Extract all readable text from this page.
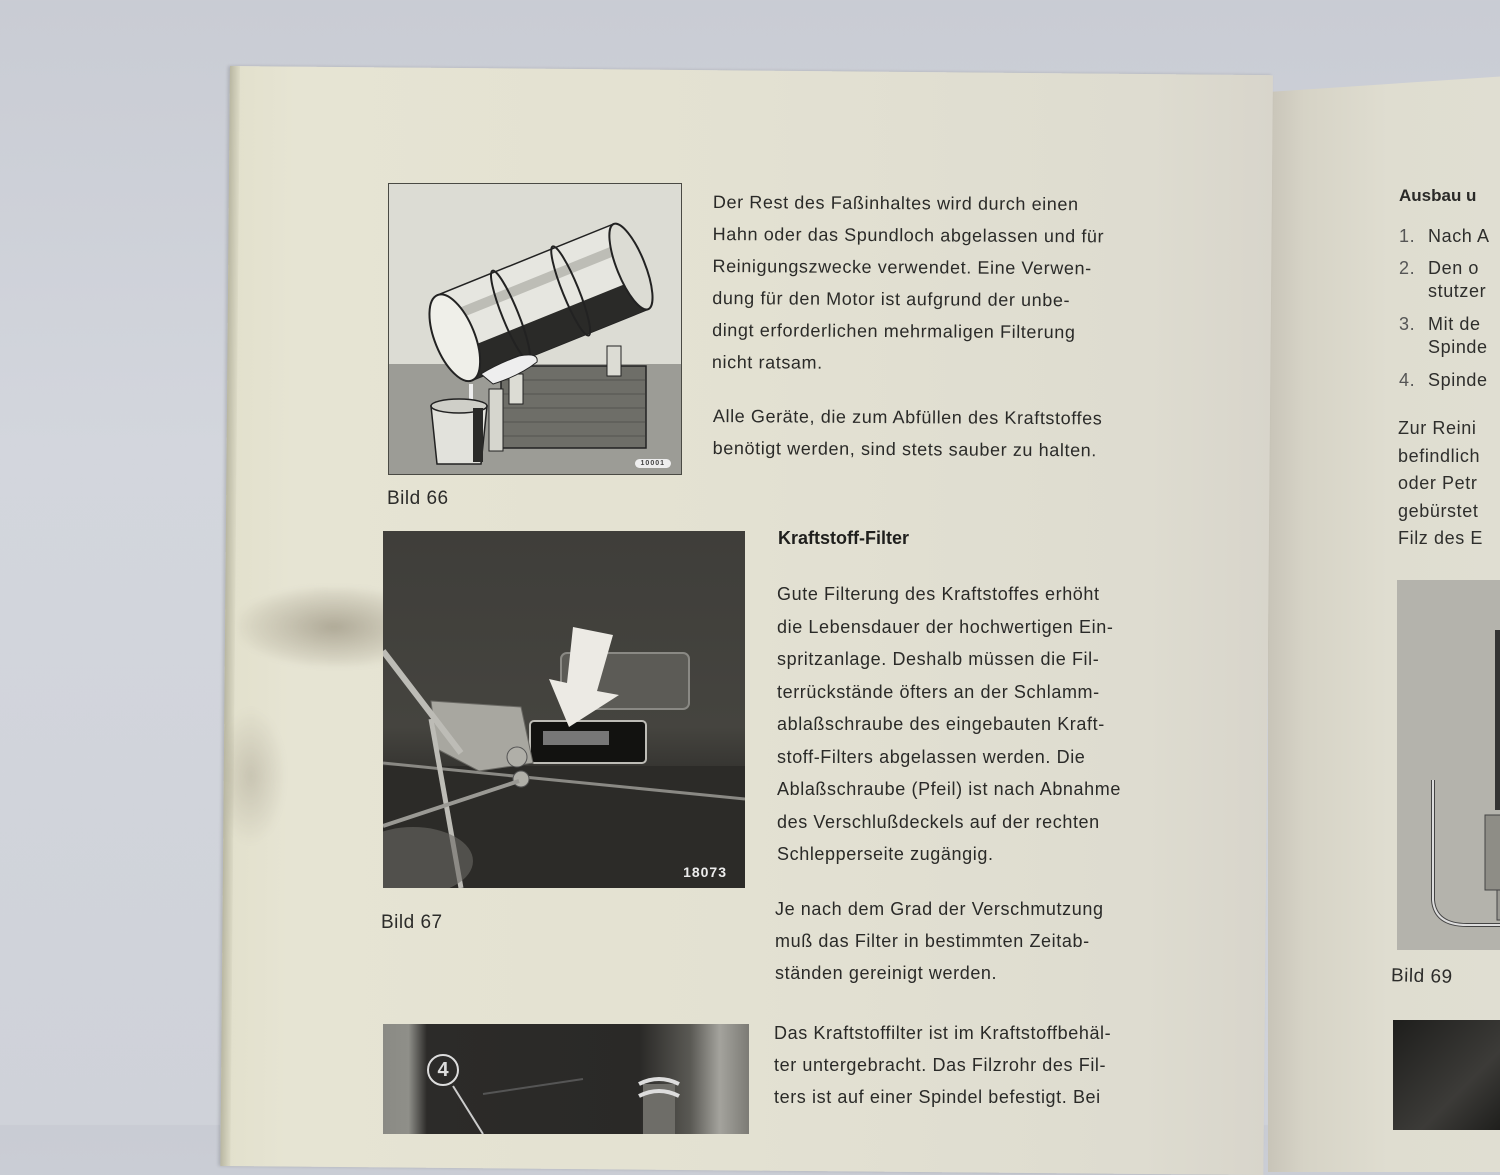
10001
Bild 66

Der Rest des Faßinhaltes wird durch einen

Hahn oder das Spundloch abgelassen und für

Reinigungszwecke verwendet. Eine Verwen-

dung für den Motor ist aufgrund der unbe-

dingt erforderlichen mehrmaligen Filterung

nicht ratsam.

Alle Geräte, die zum Abfüllen des Kraftstoffes

benötigt werden, sind stets sauber zu halten.

18073
Bild 67
Kraftstoff-Filter

Gute Filterung des Kraftstoffes erhöht

die Lebensdauer der hochwertigen Ein-

spritzanlage. Deshalb müssen die Fil-

terrückstände öfters an der Schlamm-

ablaßschraube des eingebauten Kraft-

stoff-Filters abgelassen werden. Die

Ablaßschraube (Pfeil) ist nach Abnahme

des Verschlußdeckels auf der rechten

Schlepperseite zugängig.

Je nach dem Grad der Verschmutzung

muß das Filter in bestimmten Zeitab-

ständen gereinigt werden.

Das Kraftstoffilter ist im Kraftstoffbehäl-

ter untergebracht. Das Filzrohr des Fil-

ters ist auf einer Spindel befestigt. Bei

4
Ausbau u
1. Nach A
2. Den o
stutzer
3. Mit de
Spinde
4. Spinde
Zur Reini
befindlich
oder Petr
gebürstet
Filz des E
Bild 69
